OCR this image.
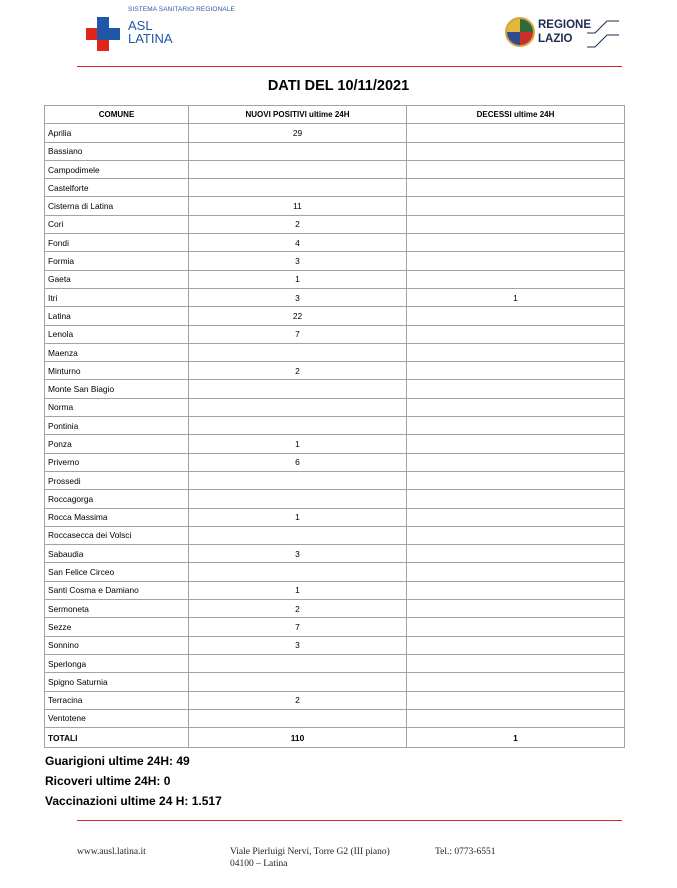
SISTEMA SANITARIO REGIONALE
ASL
LATINA
REGIONE
LAZIO
DATI DEL 10/11/2021
COMUNE	NUOVI POSITIVI ultime 24H	DECESSI ultime 24H
Aprilia	29	
Bassiano		
Campodimele		
Castelforte		
Cisterna di Latina	11	
Cori	2	
Fondi	4	
Formia	3	
Gaeta	1	
Itri	3	1
Latina	22	
Lenola	7	
Maenza		
Minturno	2	
Monte San Biagio		
Norma		
Pontinia		
Ponza	1	
Priverno	6	
Prossedi		
Roccagorga		
Rocca Massima	1	
Roccasecca dei Volsci		
Sabaudia	3	
San Felice Circeo		
Santi Cosma e Damiano	1	
Sermoneta	2	
Sezze	7	
Sonnino	3	
Sperlonga		
Spigno Saturnia		
Terracina	2	
Ventotene		
TOTALI	110	1
Guarigioni ultime 24H: 49
Ricoveri ultime 24H: 0
Vaccinazioni ultime 24 H: 1.517
www.ausl.latina.it	Viale Pierluigi Nervi, Torre G2 (III piano)
04100 – Latina
Tel.: 0773-6551
